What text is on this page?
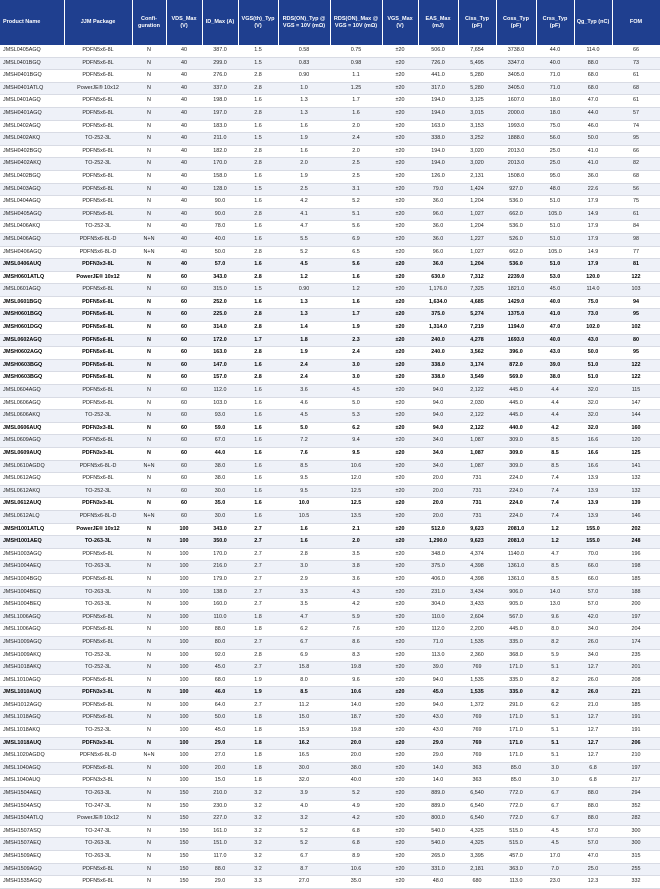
Product Name	JJM Package	Confi-guration	VDS_Max (V)	ID_Max (A)	VGS(th)_Typ (V)	RDS(ON)_Typ @ VGS = 10V (mΩ)	RDS(ON)_Max @ VGS = 10V (mΩ)	VGS_Max (V)	EAS_Max (mJ)	Ciss_Typ (pF)	Coss_Typ (pF)	Crss_Typ (pF)	Qg_Typ (nC)	FOM
JMSL0405AGQ	PDFN5x6-8L	N	40	387.0	1.5	0.58	0.75	±20	506.0	7,654	3738.0	44.0	114.0	66
JMSL0401BGQ	PDFN5x6-8L	N	40	299.0	1.5	0.83	0.98	±20	726.0	5,495	3347.0	40.0	88.0	73
JMSH0401BGQ	PDFN5x6-8L	N	40	276.0	2.8	0.90	1.1	±20	441.0	5,280	3405.0	71.0	68.0	61
JMSH0401ATLQ	PowerJE® 10x12	N	40	337.0	2.8	1.0	1.25	±20	317.0	5,280	3405.0	71.0	68.0	68
JMSL0401AGQ	PDFN5x6-8L	N	40	198.0	1.6	1.3	1.7	±20	194.0	3,125	1607.0	18.0	47.0	61
JMSH0401AGQ	PDFN5x6-8L	N	40	197.0	2.8	1.3	1.6	±20	194.0	3,015	2000.0	18.0	44.0	57
JMSL0402AGQ	PDFN5x6-8L	N	40	183.0	1.6	1.6	2.0	±20	163.0	3,153	1993.0	75.0	46.0	74
JMSL0402AKQ	TO-252-3L	N	40	211.0	1.5	1.9	2.4	±20	338.0	3,252	1888.0	56.0	50.0	95
JMSH0402BGQ	PDFN5x6-8L	N	40	182.0	2.8	1.6	2.0	±20	194.0	3,020	2013.0	25.0	41.0	66
JMSH0402AKQ	TO-252-3L	N	40	170.0	2.8	2.0	2.5	±20	194.0	3,020	2013.0	25.0	41.0	82
JMSL0402BGQ	PDFN5x6-8L	N	40	158.0	1.6	1.9	2.5	±20	126.0	2,131	1508.0	95.0	36.0	68
JMSL0403AGQ	PDFN5x6-8L	N	40	128.0	1.5	2.5	3.1	±20	79.0	1,424	927.0	48.0	22.6	56
JMSL0404AGQ	PDFN5x6-8L	N	40	90.0	1.6	4.2	5.2	±20	36.0	1,204	536.0	51.0	17.9	75
JMSH0405AGQ	PDFN5x6-8L	N	40	90.0	2.8	4.1	5.1	±20	96.0	1,027	662.0	105.0	14.9	61
JMSL0406AKQ	TO-252-3L	N	40	78.0	1.6	4.7	5.6	±20	36.0	1,204	536.0	51.0	17.9	84
JMSL0406AGQ	PDFN5x6-8L-D	N+N	40	40.0	1.6	5.5	6.9	±20	36.0	1,227	526.0	51.0	17.9	98
JMSH0406AGQ	PDFN5x6-8L-D	N+N	40	50.0	2.8	5.2	6.5	±20	96.0	1,027	662.0	105.0	14.9	77
JMSL0406AUQ	PDFN3x3-8L	N	40	57.0	1.6	4.5	5.6	±20	36.0	1,204	536.0	51.0	17.9	81
JMSH0601ATLQ	PowerJE® 10x12	N	60	343.0	2.8	1.2	1.6	±20	630.0	7,312	2239.0	53.0	120.0	122
JMSL0601AGQ	PDFN5x6-8L	N	60	315.0	1.5	0.90	1.2	±20	1,176.0	7,325	1821.0	45.0	114.0	103
JMSL0601BGQ	PDFN5x6-8L	N	60	252.0	1.6	1.3	1.6	±20	1,634.0	4,685	1429.0	40.0	75.0	94
JMSH0601BGQ	PDFN5x6-8L	N	60	225.0	2.8	1.3	1.7	±20	375.0	5,274	1375.0	41.0	73.0	95
JMSH0601DGQ	PDFN5x6-8L	N	60	314.0	2.8	1.4	1.9	±20	1,314.0	7,219	1194.0	47.0	102.0	102
JMSL0602AGQ	PDFN5x6-8L	N	60	172.0	1.7	1.8	2.3	±20	240.0	4,278	1693.0	40.0	43.0	80
JMSH0602AGQ	PDFN5x6-8L	N	60	163.0	2.8	1.9	2.4	±20	240.0	3,562	396.0	43.0	50.0	95
JMSH0603BGQ	PDFN5x6-8L	N	60	147.0	1.6	2.4	3.0	±20	338.0	3,174	872.0	39.0	51.0	122
JMSH0603BGQ	PDFN5x6-8L	N	60	157.0	2.8	2.4	3.0	±20	338.0	3,549	569.0	38.0	51.0	122
JMSL0604AGQ	PDFN5x6-8L	N	60	112.0	1.6	3.6	4.5	±20	94.0	2,122	445.0	4.4	32.0	115
JMSL0606AGQ	PDFN5x6-8L	N	60	103.0	1.6	4.6	5.0	±20	94.0	2,030	445.0	4.4	32.0	147
JMSL0606AKQ	TO-252-3L	N	60	93.0	1.6	4.5	5.3	±20	94.0	2,122	445.0	4.4	32.0	144
JMSL0606AUQ	PDFN3x3-8L	N	60	59.0	1.6	5.0	6.2	±20	94.0	2,122	440.0	4.2	32.0	160
JMSL0609AGQ	PDFN5x6-8L	N	60	67.0	1.6	7.2	9.4	±20	34.0	1,087	309.0	8.5	16.6	120
JMSL0609AUQ	PDFN3x3-8L	N	60	44.0	1.6	7.6	9.5	±20	34.0	1,087	309.0	8.5	16.6	125
JMSL0610AGDQ	PDFN5x6-8L-D	N+N	60	38.0	1.6	8.5	10.6	±20	34.0	1,087	309.0	8.5	16.6	141
JMSL0612AGQ	PDFN5x6-8L	N	60	38.0	1.6	9.5	12.0	±20	20.0	731	224.0	7.4	13.9	132
JMSL0612AKQ	TO-252-3L	N	60	30.0	1.6	9.5	12.5	±20	20.0	731	224.0	7.4	13.9	132
JMSL0612AUQ	PDFN3x3-8L	N	60	35.0	1.6	10.0	12.5	±20	20.0	731	224.0	7.4	13.9	139
JMSL0612ALQ	PDFN5x6-8L-D	N+N	60	30.0	1.6	10.5	13.5	±20	20.0	731	224.0	7.4	13.9	146
JMSH1001ATLQ	PowerJE® 10x12	N	100	343.0	2.7	1.6	2.1	±20	512.0	9,623	2081.0	1.2	155.0	202
JMSH1001AEQ	TO-263-3L	N	100	350.0	2.7	1.6	2.0	±20	1,290.0	9,623	2081.0	1.2	155.0	248
JMSH1003AGQ	PDFN5x6-8L	N	100	170.0	2.7	2.8	3.5	±20	348.0	4,374	1140.0	4.7	70.0	196
JMSH1004AEQ	TO-263-3L	N	100	216.0	2.7	3.0	3.8	±20	375.0	4,398	1361.0	8.5	66.0	198
JMSH1004BGQ	PDFN5x6-8L	N	100	179.0	2.7	2.9	3.6	±20	406.0	4,398	1361.0	8.5	66.0	185
JMSH1004BEQ	TO-263-3L	N	100	138.0	2.7	3.3	4.3	±20	231.0	3,434	906.0	14.0	57.0	188
JMSH1004BEQ	TO-263-3L	N	100	160.0	2.7	3.5	4.2	±20	304.0	3,433	905.0	13.0	57.0	200
JMSL1006AGQ	PDFN5x6-8L	N	100	110.0	1.8	4.7	5.9	±20	110.0	2,604	567.0	9.6	42.0	197
JMSL1006AGQ	PDFN5x6-8L	N	100	88.0	1.8	6.2	7.6	±20	112.0	2,200	445.0	8.0	34.0	204
JMSH1009AGQ	PDFN5x6-8L	N	100	80.0	2.7	6.7	8.6	±20	71.0	1,535	335.0	8.2	26.0	174
JMSH1009AKQ	TO-252-3L	N	100	92.0	2.8	6.9	8.3	±20	113.0	2,360	368.0	5.9	34.0	235
JMSH1018AKQ	TO-252-3L	N	100	45.0	2.7	15.8	19.8	±20	39.0	769	171.0	5.1	12.7	201
JMSL1010AGQ	PDFN5x6-8L	N	100	68.0	1.9	8.0	9.6	±20	94.0	1,535	335.0	8.2	26.0	208
JMSL1010AUQ	PDFN3x3-8L	N	100	46.0	1.9	8.5	10.6	±20	45.0	1,535	335.0	8.2	26.0	221
JMSH1012AGQ	PDFN5x6-8L	N	100	64.0	2.7	11.2	14.0	±20	94.0	1,372	291.0	6.2	21.0	185
JMSL1018AGQ	PDFN5x6-8L	N	100	50.0	1.8	15.0	18.7	±20	43.0	769	171.0	5.1	12.7	191
JMSL1018AKQ	TO-252-3L	N	100	45.0	1.8	15.9	19.8	±20	43.0	769	171.0	5.1	12.7	191
JMSL1018AUQ	PDFN3x3-8L	N	100	29.0	1.8	16.2	20.0	±20	29.0	769	171.0	5.1	12.7	206
JMSL1020AGDQ	PDFN5x6-8L-D	N+N	100	27.0	1.8	16.5	20.0	±20	29.0	769	171.0	5.1	12.7	210
JMSL1040AGQ	PDFN5x6-8L	N	100	20.0	1.8	30.0	38.0	±20	14.0	363	85.0	3.0	6.8	197
JMSL1040AUQ	PDFN3x3-8L	N	100	15.0	1.8	32.0	40.0	±20	14.0	363	85.0	3.0	6.8	217
JMSH1504AEQ	TO-263-3L	N	150	210.0	3.2	3.9	5.2	±20	889.0	6,540	772.0	6.7	88.0	294
JMSH1504ASQ	TO-247-3L	N	150	230.0	3.2	4.0	4.9	±20	889.0	6,540	772.0	6.7	88.0	352
JMSH1504ATLQ	PowerJE® 10x12	N	150	227.0	3.2	3.2	4.2	±20	800.0	6,540	772.0	6.7	88.0	282
JMSH1507ASQ	TO-247-3L	N	150	161.0	3.2	5.2	6.8	±20	540.0	4,325	515.0	4.5	57.0	300
JMSH1507AEQ	TO-263-3L	N	150	151.0	3.2	5.2	6.8	±20	540.0	4,325	515.0	4.5	57.0	300
JMSH1509AEQ	TO-263-3L	N	150	117.0	3.2	6.7	8.9	±20	265.0	3,395	457.0	17.0	47.0	315
JMSH1509AGQ	PDFN5x6-8L	N	150	88.0	3.2	8.7	10.6	±20	331.0	2,181	363.0	7.0	25.0	255
JMSH1535AGQ	PDFN5x6-8L	N	150	29.0	3.3	27.0	35.0	±20	48.0	680	113.0	23.0	12.3	332
